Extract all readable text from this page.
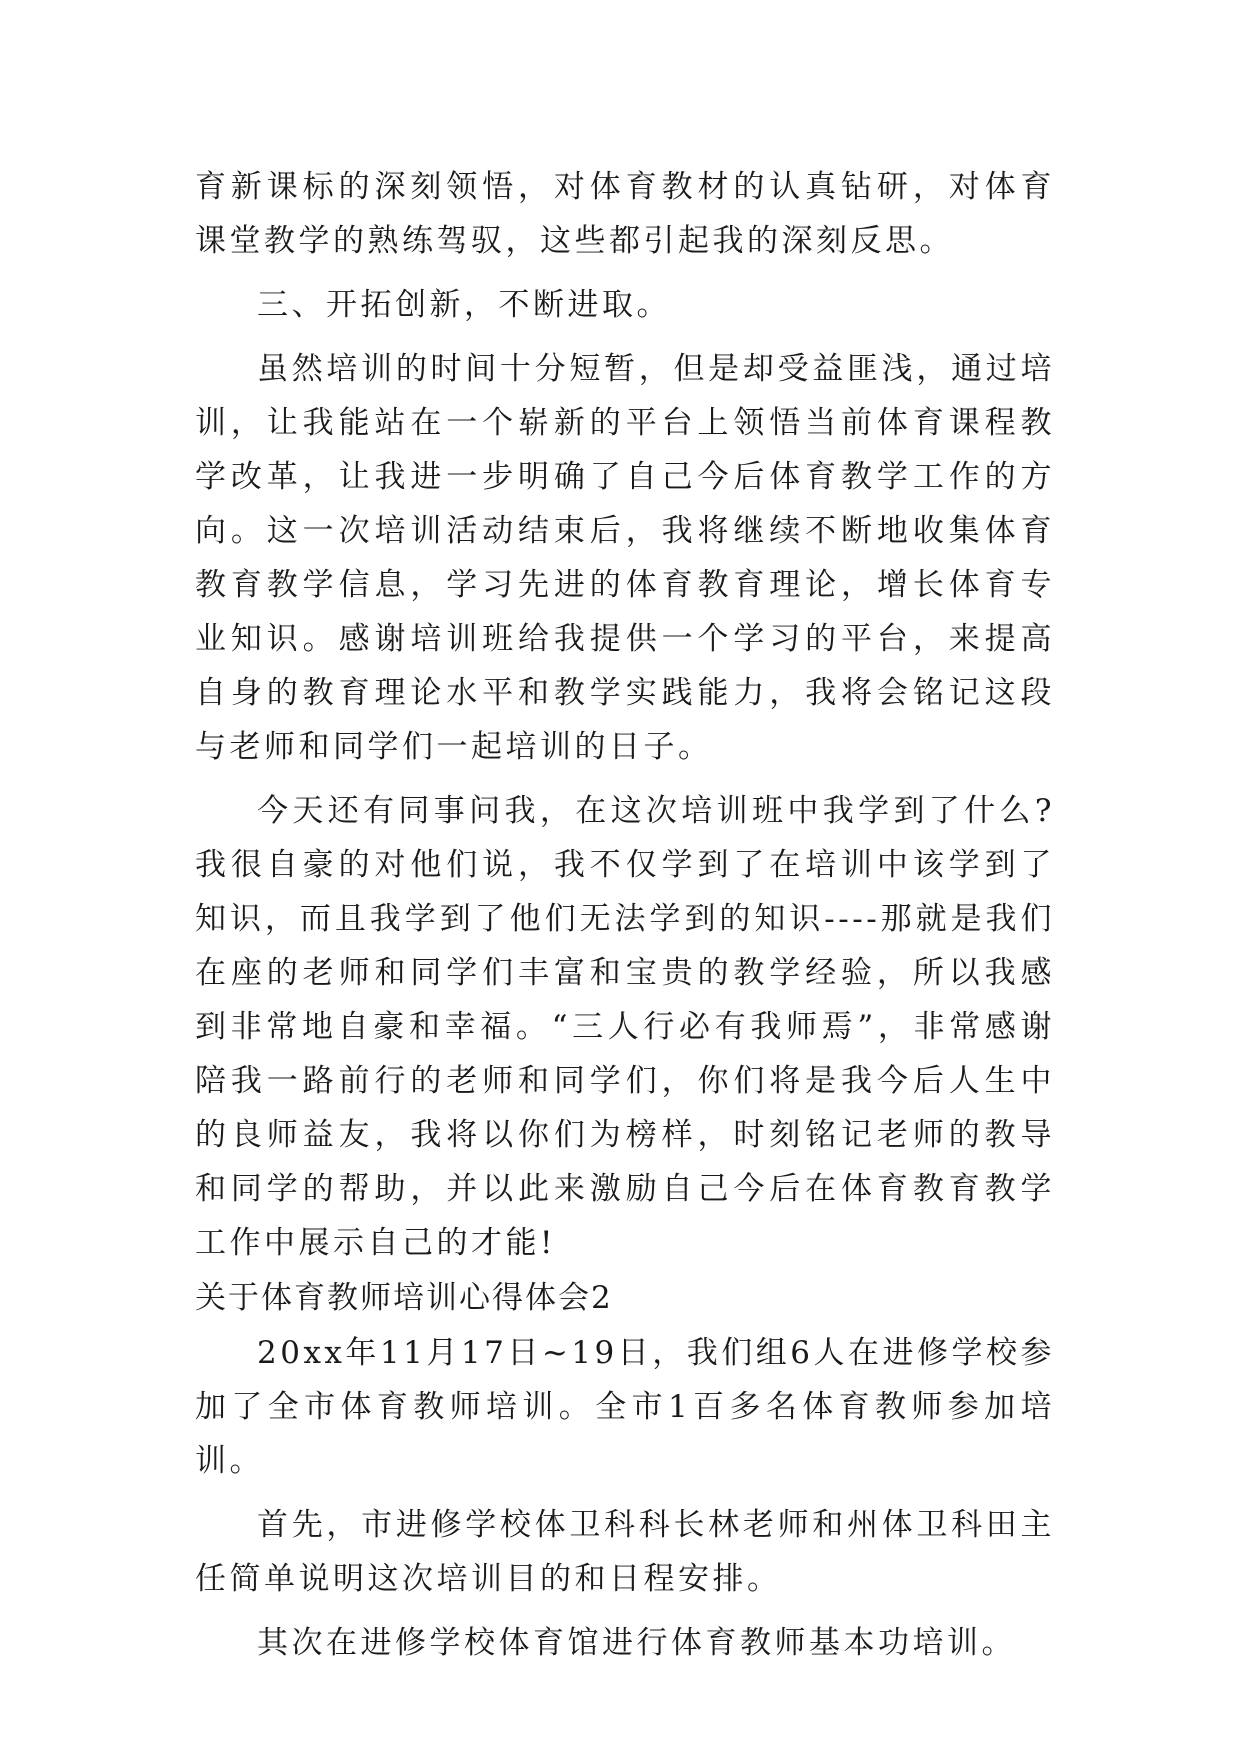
育新课标的深刻领悟，对体育教材的认真钻研，对体育课堂教学的熟练驾驭，这些都引起我的深刻反思。

三、开拓创新，不断进取。

虽然培训的时间十分短暂，但是却受益匪浅，通过培训，让我能站在一个崭新的平台上领悟当前体育课程教学改革，让我进一步明确了自己今后体育教学工作的方向。这一次培训活动结束后，我将继续不断地收集体育教育教学信息，学习先进的体育教育理论，增长体育专业知识。感谢培训班给我提供一个学习的平台，来提高自身的教育理论水平和教学实践能力，我将会铭记这段与老师和同学们一起培训的日子。

今天还有同事问我，在这次培训班中我学到了什么?我很自豪的对他们说，我不仅学到了在培训中该学到了知识，而且我学到了他们无法学到的知识----那就是我们在座的老师和同学们丰富和宝贵的教学经验，所以我感到非常地自豪和幸福。“三人行必有我师焉”，非常感谢陪我一路前行的老师和同学们，你们将是我今后人生中的良师益友，我将以你们为榜样，时刻铭记老师的教导和同学的帮助，并以此来激励自己今后在体育教育教学工作中展示自己的才能!

关于体育教师培训心得体会2

20xx年11月17日~19日，我们组6人在进修学校参加了全市体育教师培训。全市1百多名体育教师参加培训。

首先，市进修学校体卫科科长林老师和州体卫科田主任简单说明这次培训目的和日程安排。

其次在进修学校体育馆进行体育教师基本功培训。
